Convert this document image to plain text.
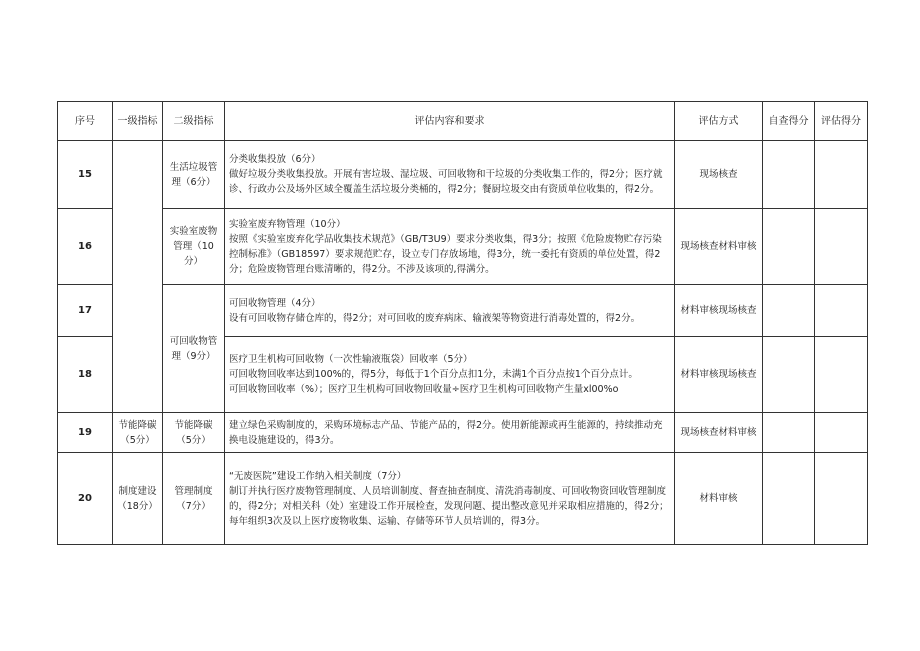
序号	一级指标	二级指标	评估内容和要求	评估方式	自查得分	评估得分
15		生活垃圾管理（6分）	分类收集投放（6分）
做好垃圾分类收集投放。开展有害垃圾、湿垃圾、可回收物和干垃圾的分类收集工作的，得2分；医疗就诊、行政办公及场外区域全覆盖生活垃圾分类桶的，得2分；餐厨垃圾交由有资质单位收集的，得2分。	现场核查		
16		实验室废物管理（10分）	实验室废弃物管理（10分）
按照《实验室废弃化学品收集技术规范》（GB/T3U9）要求分类收集，得3分；按照《危险废物贮存污染控制标准》（GB18597）要求规范贮存，设立专门存放场地，得3分，统一委托有资质的单位处置，得2分；危险废物管理台账清晰的，得2分。不涉及该项的,得满分。	现场核查材料审核		
17		可回收物管理（9分）	可回收物管理（4分）
设有可回收物存储仓库的，得2分；对可回收的废弃病床、输液架等物资进行消毒处置的，得2分。	材料审核现场核查		
18			医疗卫生机构可回收物（一次性输液瓶袋）回收率（5分）
可回收物回收率达到100%的，得5分，每低于1个百分点扣1分，未满1个百分点按1个百分点计。
可回收物回收率（%）；医疗卫生机构可回收物回收量÷医疗卫生机构可回收物产生量xl00%o	材料审核现场核查		
19	节能降碳（5分）	节能降碳（5分）	建立绿色采购制度的，采购环境标志产品、节能产品的，得2分。使用新能源或再生能源的，持续推动充换电设施建设的，得3分。	现场核查材料审核		
20	制度建设（18分）	管理制度（7分）	“无废医院”建设工作纳入相关制度（7分）
制订并执行医疗废物管理制度、人员培训制度、督查抽查制度、清洗消毒制度、可回收物资回收管理制度的，得2分；对相关科（处）室建设工作开展检查，发现问题、提出整改意见并采取相应措施的，得2分；每年组织3次及以上医疗废物收集、运输、存储等环节人员培训的，得3分。	材料审核		
